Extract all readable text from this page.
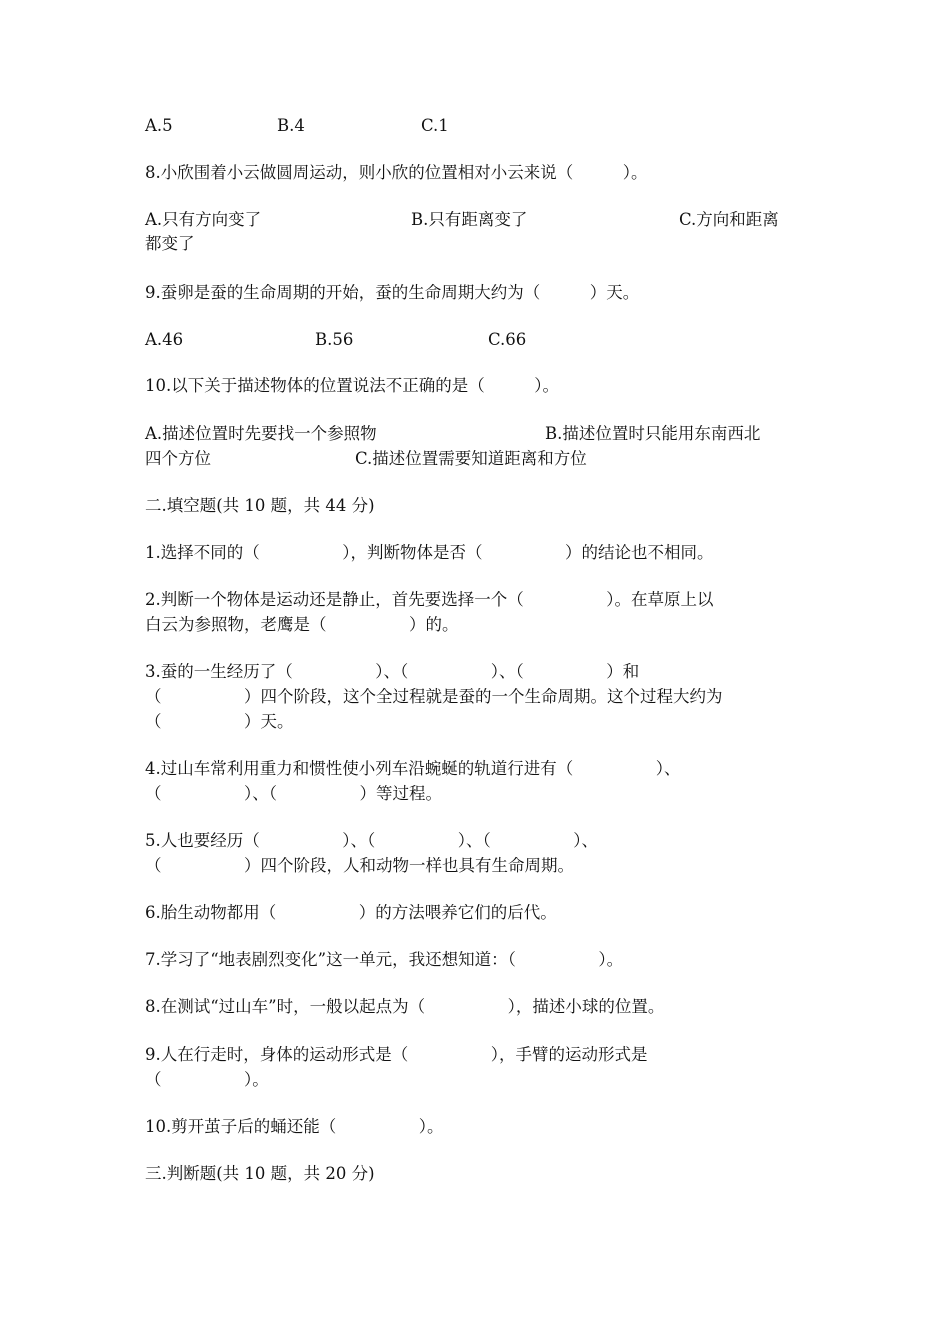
A.5	B.4	C.1

8.小欣围着小云做圆周运动，则小欣的位置相对小云来说（　　　）。

A.只有方向变了	B.只有距离变了	C.方向和距离

都变了

9.蚕卵是蚕的生命周期的开始，蚕的生命周期大约为（　　　）天。

A.46	B.56	C.66

10.以下关于描述物体的位置说法不正确的是（　　　）。

A.描述位置时先要找一个参照物	B.描述位置时只能用东南西北
四个方位	C.描述位置需要知道距离和方位

二.填空题(共 10 题，共 44 分)

1.选择不同的（　　　　　），判断物体是否（　　　　　）的结论也不相同。

2.判断一个物体是运动还是静止，首先要选择一个（　　　　　）。在草原上以

白云为参照物，老鹰是（　　　　　）的。

3.蚕的一生经历了（　　　　　）、（　　　　　）、（　　　　　）和

（　　　　　）四个阶段，这个全过程就是蚕的一个生命周期。这个过程大约为

（　　　　　）天。

4.过山车常利用重力和惯性使小列车沿蜿蜒的轨道行进有（　　　　　）、

（　　　　　）、（　　　　　）等过程。

5.人也要经历（　　　　　）、（　　　　　）、（　　　　　）、

（　　　　　）四个阶段，人和动物一样也具有生命周期。

6.胎生动物都用（　　　　　）的方法喂养它们的后代。

7.学习了“地表剧烈变化”这一单元，我还想知道：（　　　　　）。

8.在测试“过山车”时，一般以起点为（　　　　　），描述小球的位置。

9.人在行走时，身体的运动形式是（　　　　　），手臂的运动形式是

（　　　　　）。

10.剪开茧子后的蛹还能（　　　　　）。

三.判断题(共 10 题，共 20 分)
